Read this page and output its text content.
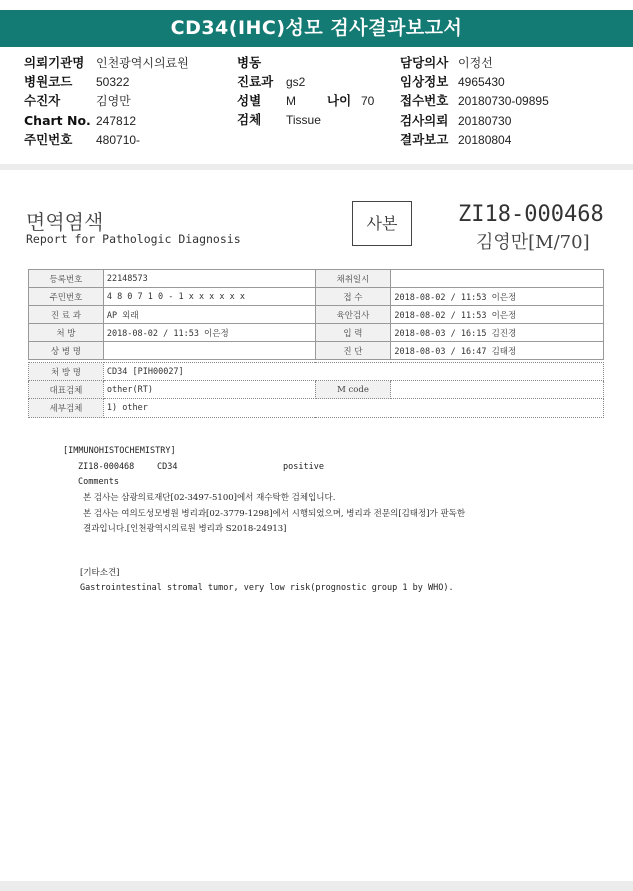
CD34(IHC)성모 검사결과보고서
의뢰기관명 인천광역시의료원
병원코드 50322
수진자	김영만
Chart No. 247812
주민번호 480710-
병동
진료과 gs2
성별 M 나이 70
검체 Tissue
담당의사 이정선
임상정보 4965430
접수번호 20180730-09895
검사의뢰 20180730
결과보고 20180804
면역염색
Report for Pathologic Diagnosis
사본	ZI18-000468
김영만[M/70]
등록번호	22148573	채취일시	
주민번호	4 8 0 7 1 0 - 1 x x x x x x	접 수	2018-08-02 / 11:53 이은정
진 료 과	AP 외래	육안검사	2018-08-02 / 11:53 이은정
처 방	2018-08-02 / 11:53 이은정	입 력	2018-08-03 / 16:15 김진경
상 병 명		진 단	2018-08-03 / 16:47 김태정
처 방 명	CD34 [PIH00027]		
대표검체	other(RT)	M code	
세부검체	1) other		
[IMMUNOHISTOCHEMISTRY]
ZI18-000468	CD34	positive
Comments
본 검사는 삼광의료재단[02-3497-5100]에서 재수탁한 검체입니다.
본 검사는 여의도성모병원 병리과[02-3779-1298]에서 시행되었으며, 병리과 전문의[김태정]가 판독한
결과입니다.[인천광역시의료원 병리과 S2018-24913]
[기타소견]
Gastrointestinal stromal tumor, very low risk(prognostic group 1 by WHO).
